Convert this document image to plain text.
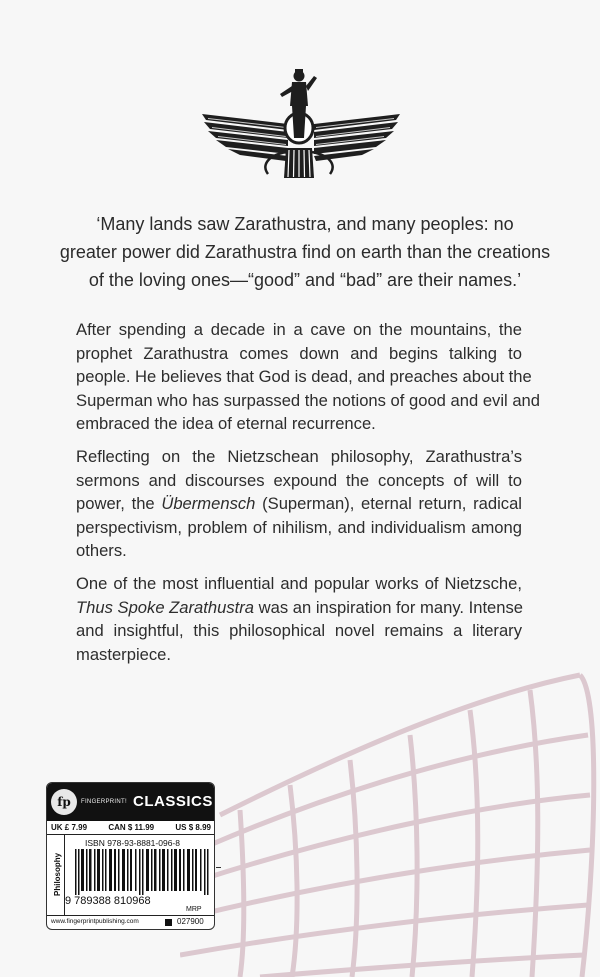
‘Many lands saw Zarathustra, and many peoples: no
greater power did Zarathustra find on earth than the creations
of the loving ones—“good” and “bad” are their names.’
After spending a decade in a cave on the mountains, the
prophet Zarathustra comes down and begins talking to
people. He believes that God is dead, and preaches about the
Superman who has surpassed the notions of good and evil and
embraced the idea of eternal recurrence.
Reflecting on the Nietzschean philosophy, Zarathustra’s
sermons and discourses expound the concepts of will to
power, the Übermensch (Superman), eternal return, radical
perspectivism, problem of nihilism, and individualism among
others.
One of the most influential and popular works of Nietzsche,
Thus Spoke Zarathustra was an inspiration for many. Intense
and insightful, this philosophical novel remains a literary
masterpiece.
fp	FINGERPRINT! CLASSICS
UK £ 7.99	CAN $ 11.99	US $ 8.99
Philosophy
ISBN 978-93-8881-096-8
9 789388 810968
MRP
www.fingerprintpublishing.com	027900
